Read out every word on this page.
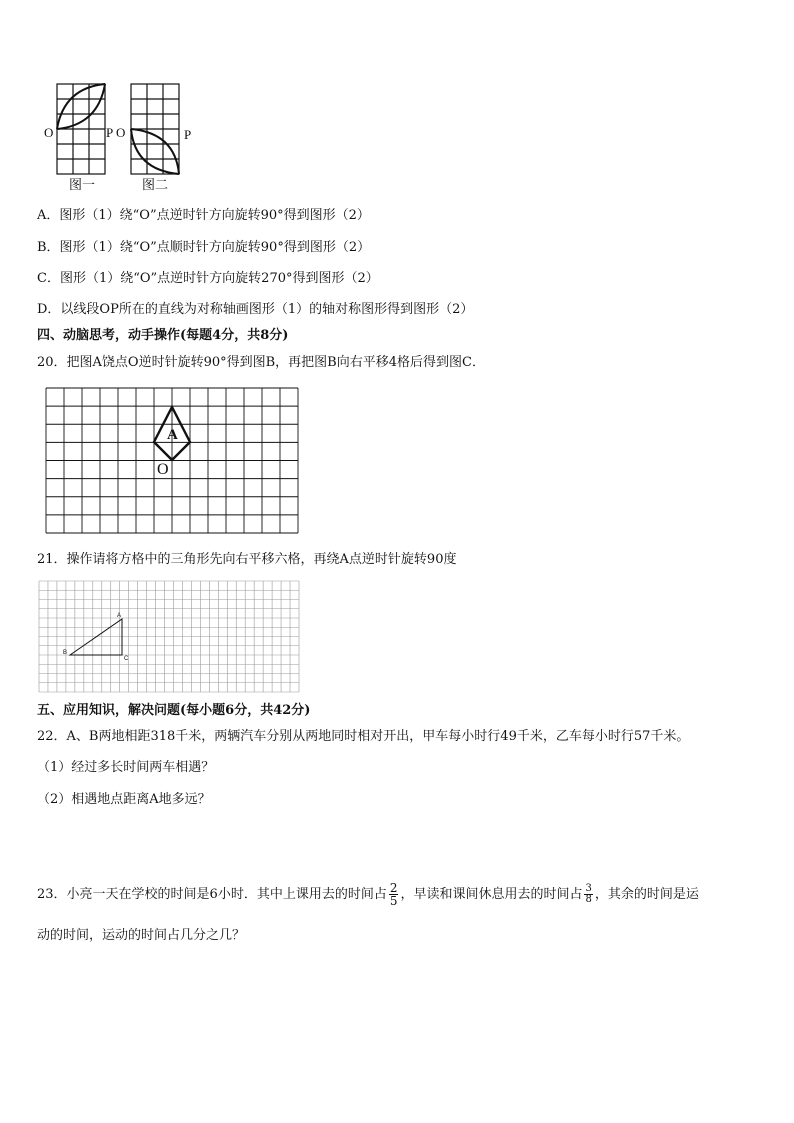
O	P O
图一
P
图二
A．图形（1）绕“O”点逆时针方向旋转90°得到图形（2）
B．图形（1）绕“O”点顺时针方向旋转90°得到图形（2）
C．图形（1）绕“O”点逆时针方向旋转270°得到图形（2）
D．以线段OP所在的直线为对称轴画图形（1）的轴对称图形得到图形（2）
四、动脑思考，动手操作(每题4分，共8分)
20．把图A饶点O逆时针旋转90°得到图B，再把图B向右平移4格后得到图C．
A
O
21．操作请将方格中的三角形先向右平移六格，再绕A点逆时针旋转90度
A
B
C
五、应用知识，解决问题(每小题6分，共42分)
22．A、B两地相距318千米，两辆汽车分别从两地同时相对开出，甲车每小时行49千米，乙车每小时行57千米。
（1）经过多长时间两车相遇？
（2）相遇地点距离A地多远？
23．小亮一天在学校的时间是6小时．其中上课用去的时间占 $\frac{2}{5}$ ，早读和课间休息用去的时间占 $\frac{3}{8}$ ，其余的时间是运
动的时间，运动的时间占几分之几？
